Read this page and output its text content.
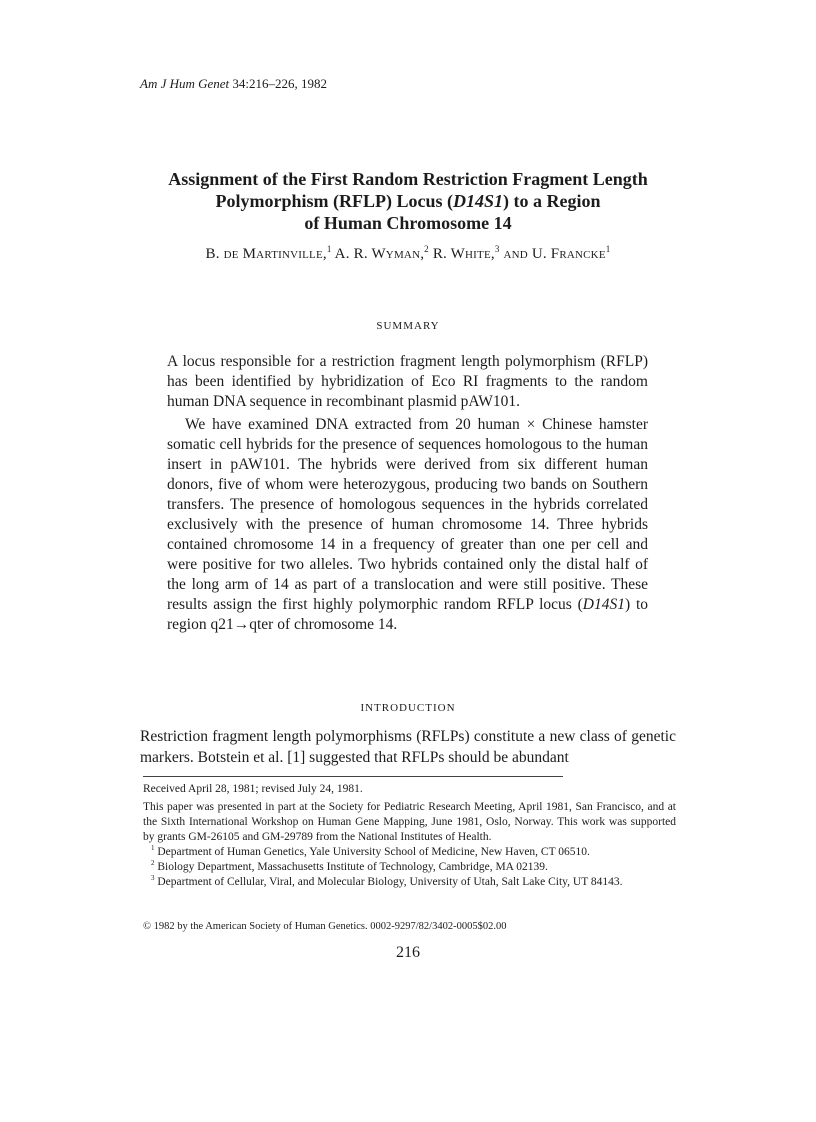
Am J Hum Genet 34:216–226, 1982
Assignment of the First Random Restriction Fragment Length
Polymorphism (RFLP) Locus (D14S1) to a Region
of Human Chromosome 14
B. de Martinville,$^1$ A. R. Wyman,$^2$ R. White,$^3$ and U. Francke$^1$
SUMMARY

A locus responsible for a restriction fragment length polymorphism (RFLP) has been identified by hybridization of Eco RI fragments to the random human DNA sequence in recombinant plasmid pAW101.

We have examined DNA extracted from 20 human × Chinese hamster somatic cell hybrids for the presence of sequences homologous to the human insert in pAW101. The hybrids were derived from six different human donors, five of whom were heterozygous, producing two bands on Southern transfers. The presence of homologous sequences in the hybrids correlated exclusively with the presence of human chromosome 14. Three hybrids contained chromosome 14 in a frequency of greater than one per cell and were positive for two alleles. Two hybrids contained only the distal half of the long arm of 14 as part of a translocation and were still positive. These results assign the first highly polymorphic random RFLP locus (D14S1) to region q21→qter of chromosome 14.

INTRODUCTION

Restriction fragment length polymorphisms (RFLPs) constitute a new class of genetic markers. Botstein et al. [1] suggested that RFLPs should be abundant

Received April 28, 1981; revised July 24, 1981.

This paper was presented in part at the Society for Pediatric Research Meeting, April 1981, San Francisco, and at the Sixth International Workshop on Human Gene Mapping, June 1981, Oslo, Norway. This work was supported by grants GM-26105 and GM-29789 from the National Institutes of Health.

$^1$ Department of Human Genetics, Yale University School of Medicine, New Haven, CT 06510.

$^2$ Biology Department, Massachusetts Institute of Technology, Cambridge, MA 02139.

$^3$ Department of Cellular, Viral, and Molecular Biology, University of Utah, Salt Lake City, UT 84143.

© 1982 by the American Society of Human Genetics. 0002-9297/82/3402-0005$02.00
216
